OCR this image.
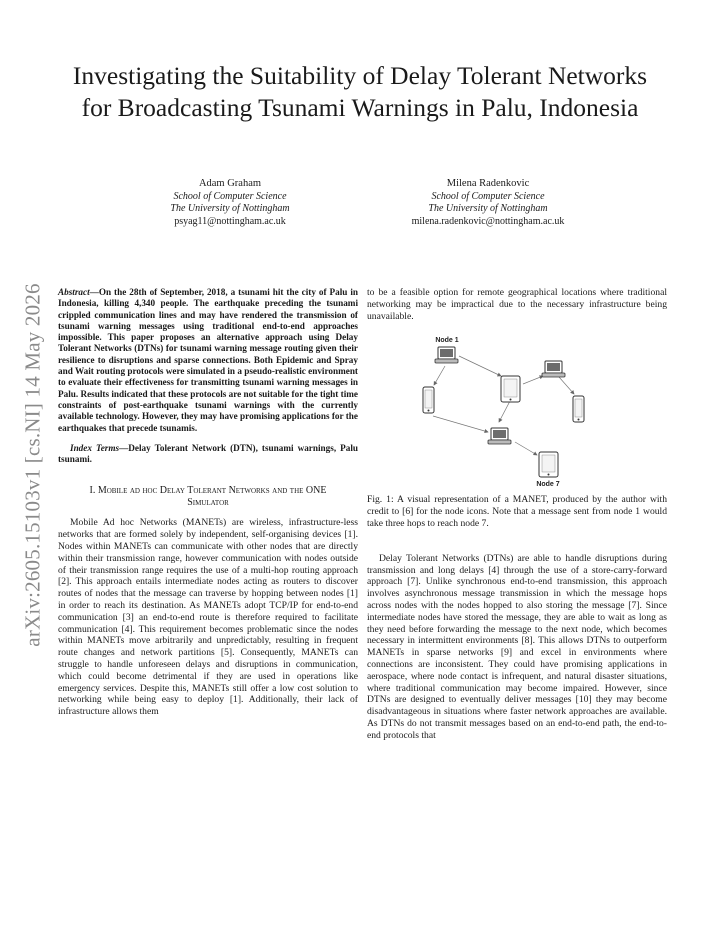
arXiv:2605.15103v1 [cs.NI] 14 May 2026
Investigating the Suitability of Delay Tolerant Networks for Broadcasting Tsunami Warnings in Palu, Indonesia
Adam Graham
School of Computer Science
The University of Nottingham
psyag11@nottingham.ac.uk
Milena Radenkovic
School of Computer Science
The University of Nottingham
milena.radenkovic@nottingham.ac.uk

Abstract—On the 28th of September, 2018, a tsunami hit the city of Palu in Indonesia, killing 4,340 people. The earthquake preceding the tsunami crippled communication lines and may have rendered the transmission of tsunami warning messages using traditional end-to-end approaches impossible. This paper proposes an alternative approach using Delay Tolerant Networks (DTNs) for tsunami warning message routing given their resilience to disruptions and sparse connections. Both Epidemic and Spray and Wait routing protocols were simulated in a pseudo-realistic environment to evaluate their effectiveness for transmitting tsunami warning messages in Palu. Results indicated that these protocols are not suitable for the tight time constraints of post-earthquake tsunami warnings with the currently available technology. However, they may have promising applications for the earthquakes that precede tsunamis.

Index Terms—Delay Tolerant Network (DTN), tsunami warnings, Palu tsunami.

I. Mobile ad hoc Delay Tolerant Networks and the ONE Simulator

Mobile Ad hoc Networks (MANETs) are wireless, infrastructure-less networks that are formed solely by independent, self-organising devices [1]. Nodes within MANETs can communicate with other nodes that are directly within their transmission range, however communication with nodes outside of their transmission range requires the use of a multi-hop routing approach [2]. This approach entails intermediate nodes acting as routers to discover routes of nodes that the message can traverse by hopping between nodes [1] in order to reach its destination. As MANETs adopt TCP/IP for end-to-end communication [3] an end-to-end route is therefore required to facilitate communication [4]. This requirement becomes problematic since the nodes within MANETs move arbitrarily and unpredictably, resulting in frequent route changes and network partitions [5]. Consequently, MANETs can struggle to handle unforeseen delays and disruptions in communication, which could become detrimental if they are used in operations like emergency services. Despite this, MANETs still offer a low cost solution to networking while being easy to deploy [1]. Additionally, their lack of infrastructure allows them

to be a feasible option for remote geographical locations where traditional networking may be impractical due to the necessary infrastructure being unavailable.

Node 1
Node 7
Fig. 1: A visual representation of a MANET, produced by the author with credit to [6] for the node icons. Note that a message sent from node 1 would take three hops to reach node 7.

Delay Tolerant Networks (DTNs) are able to handle disruptions during transmission and long delays [4] through the use of a store-carry-forward approach [7]. Unlike synchronous end-to-end transmission, this approach involves asynchronous message transmission in which the message hops across nodes with the nodes hopped to also storing the message [7]. Since intermediate nodes have stored the message, they are able to wait as long as they need before forwarding the message to the next node, which becomes necessary in intermittent environments [8]. This allows DTNs to outperform MANETs in sparse networks [9] and excel in environments where connections are inconsistent. They could have promising applications in aerospace, where node contact is infrequent, and natural disaster situations, where traditional communication may become impaired. However, since DTNs are designed to eventually deliver messages [10] they may become disadvantageous in situations where faster network approaches are available. As DTNs do not transmit messages based on an end-to-end path, the end-to-end protocols that
